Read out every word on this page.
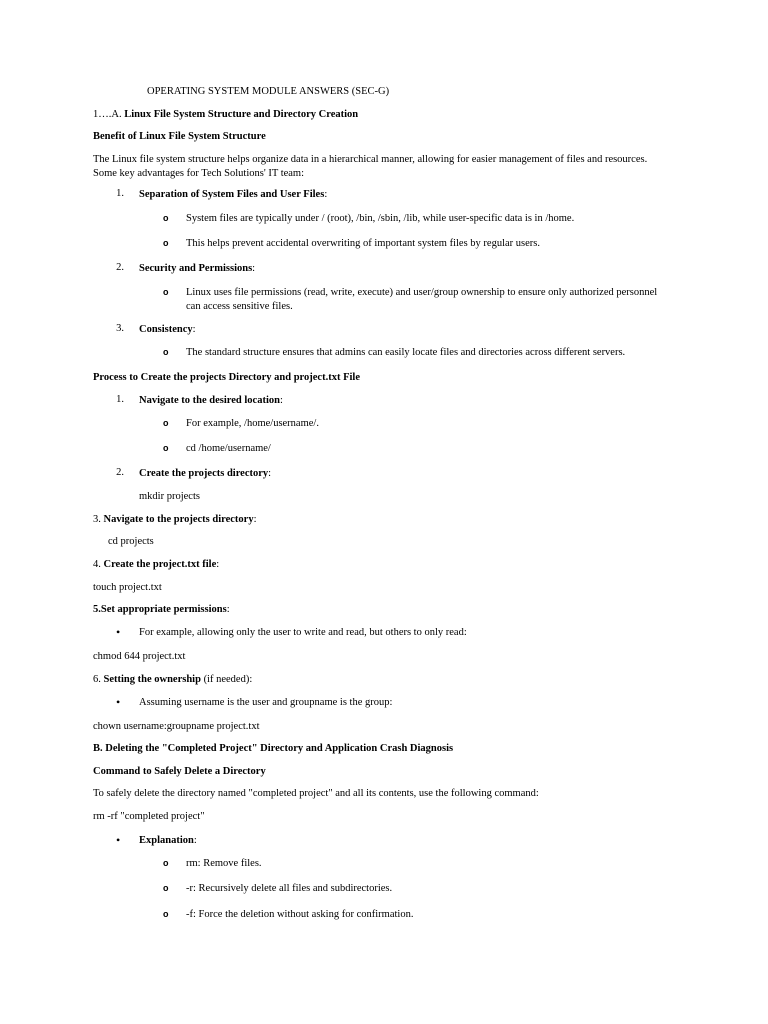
OPERATING SYSTEM MODULE ANSWERS (SEC-G)
1….A. Linux File System Structure and Directory Creation
Benefit of Linux File System Structure
The Linux file system structure helps organize data in a hierarchical manner, allowing for easier management of files and resources. Some key advantages for Tech Solutions' IT team:
1. Separation of System Files and User Files:
o System files are typically under / (root), /bin, /sbin, /lib, while user-specific data is in /home.
o This helps prevent accidental overwriting of important system files by regular users.
2. Security and Permissions:
o Linux uses file permissions (read, write, execute) and user/group ownership to ensure only authorized personnel can access sensitive files.
3. Consistency:
o The standard structure ensures that admins can easily locate files and directories across different servers.
Process to Create the projects Directory and project.txt File
1. Navigate to the desired location:
o For example, /home/username/.
o cd /home/username/
2. Create the projects directory:
mkdir projects
3. Navigate to the projects directory:
cd projects
4. Create the project.txt file:
touch project.txt
5.Set appropriate permissions:
• For example, allowing only the user to write and read, but others to only read:
chmod 644 project.txt
6. Setting the ownership (if needed):
• Assuming username is the user and groupname is the group:
chown username:groupname project.txt
B. Deleting the "Completed Project" Directory and Application Crash Diagnosis
Command to Safely Delete a Directory
To safely delete the directory named "completed project" and all its contents, use the following command:
rm -rf "completed project"
• Explanation:
o rm: Remove files.
o -r: Recursively delete all files and subdirectories.
o -f: Force the deletion without asking for confirmation.
